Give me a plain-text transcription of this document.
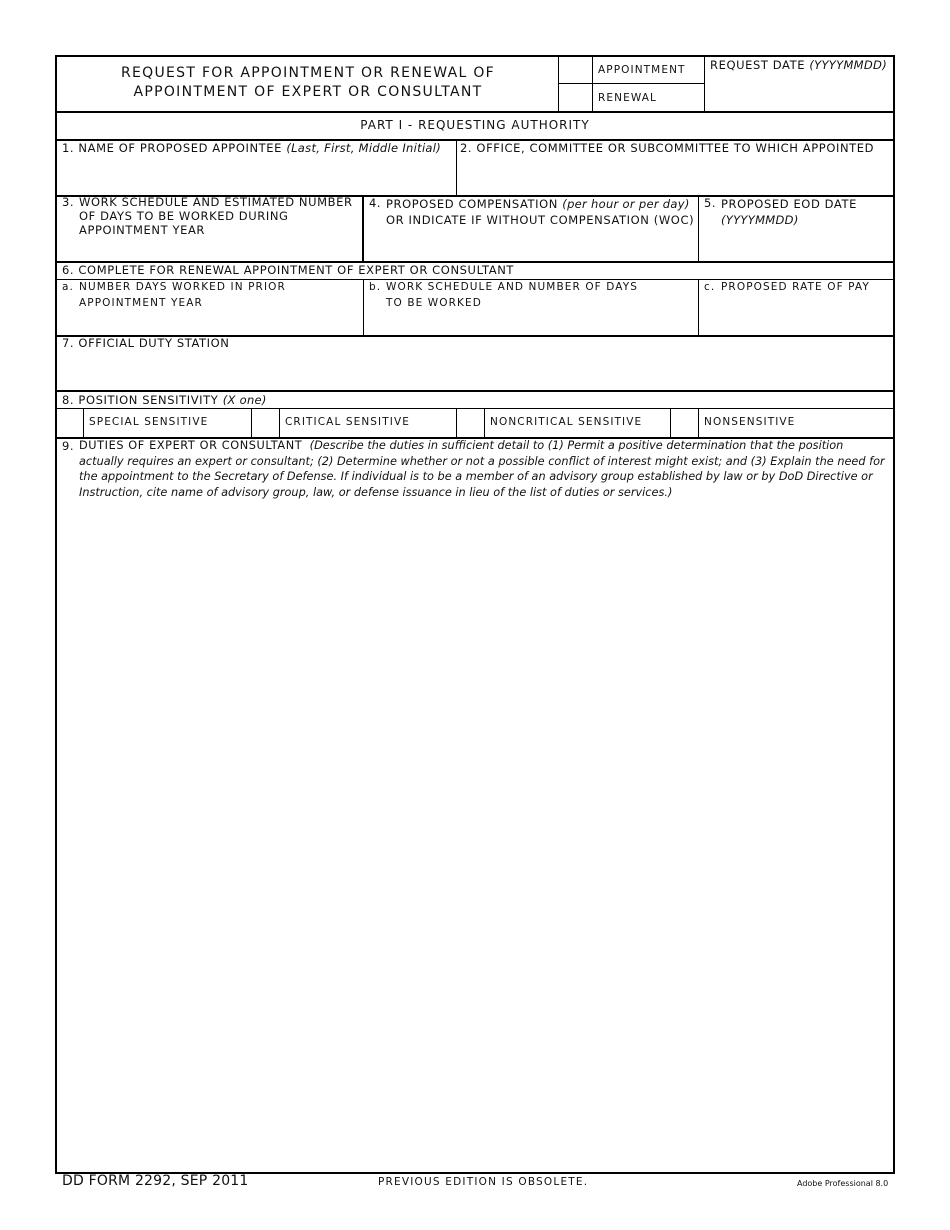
REQUEST FOR APPOINTMENT OR RENEWAL OF
APPOINTMENT OF EXPERT OR CONSULTANT
APPOINTMENT
RENEWAL
REQUEST DATE (YYYYMMDD)
PART I - REQUESTING AUTHORITY
1. NAME OF PROPOSED APPOINTEE (Last, First, Middle Initial) 2. OFFICE, COMMITTEE OR SUBCOMMITTEE TO WHICH APPOINTED
3. WORK SCHEDULE AND ESTIMATED NUMBER
OF DAYS TO BE WORKED DURING
APPOINTMENT YEAR
4. PROPOSED COMPENSATION (per hour or per day)
OR INDICATE IF WITHOUT COMPENSATION (WOC)
5. PROPOSED EOD DATE
(YYYYMMDD)
6. COMPLETE FOR RENEWAL APPOINTMENT OF EXPERT OR CONSULTANT
a. NUMBER DAYS WORKED IN PRIOR
APPOINTMENT YEAR
b. WORK SCHEDULE AND NUMBER OF DAYS
TO BE WORKED
c. PROPOSED RATE OF PAY
7. OFFICIAL DUTY STATION
8. POSITION SENSITIVITY (X one)
SPECIAL SENSITIVE	CRITICAL SENSITIVE	NONCRITICAL SENSITIVE	NONSENSITIVE
9. DUTIES OF EXPERT OR CONSULTANT (Describe the duties in sufficient detail to (1) Permit a positive determination that the position actually requires an expert or consultant; (2) Determine whether or not a possible conflict of interest might exist; and (3) Explain the need for the appointment to the Secretary of Defense. If individual is to be a member of an advisory group established by law or by DoD Directive or Instruction, cite name of advisory group, law, or defense issuance in lieu of the list of duties or services.)
DD FORM 2292, SEP 2011	PREVIOUS EDITION IS OBSOLETE.	Adobe Professional 8.0
